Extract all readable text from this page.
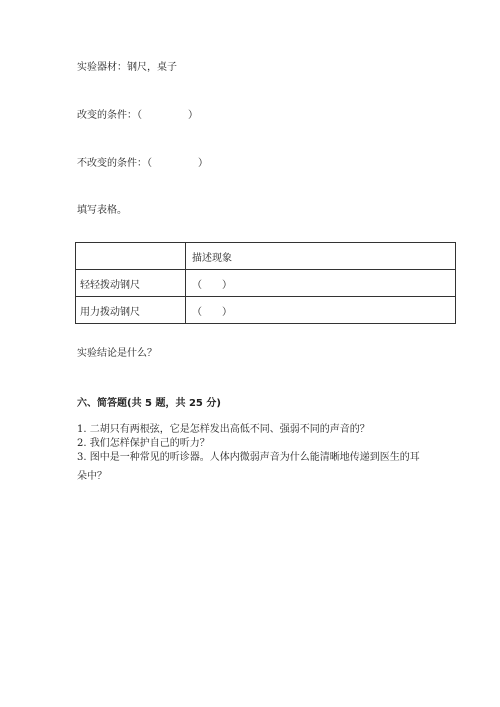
实验器材：钢尺，桌子
改变的条件：（	）
不改变的条件：（	）
填写表格。
	描述现象
轻轻拨动钢尺	（　　）
用力拨动钢尺	（　　）
实验结论是什么？
六、简答题(共 5 题，共 25 分)
1. 二胡只有两根弦，它是怎样发出高低不同、强弱不同的声音的？
2. 我们怎样保护自己的听力？
3. 图中是一种常见的听诊器。人体内微弱声音为什么能清晰地传递到医生的耳
朵中？
